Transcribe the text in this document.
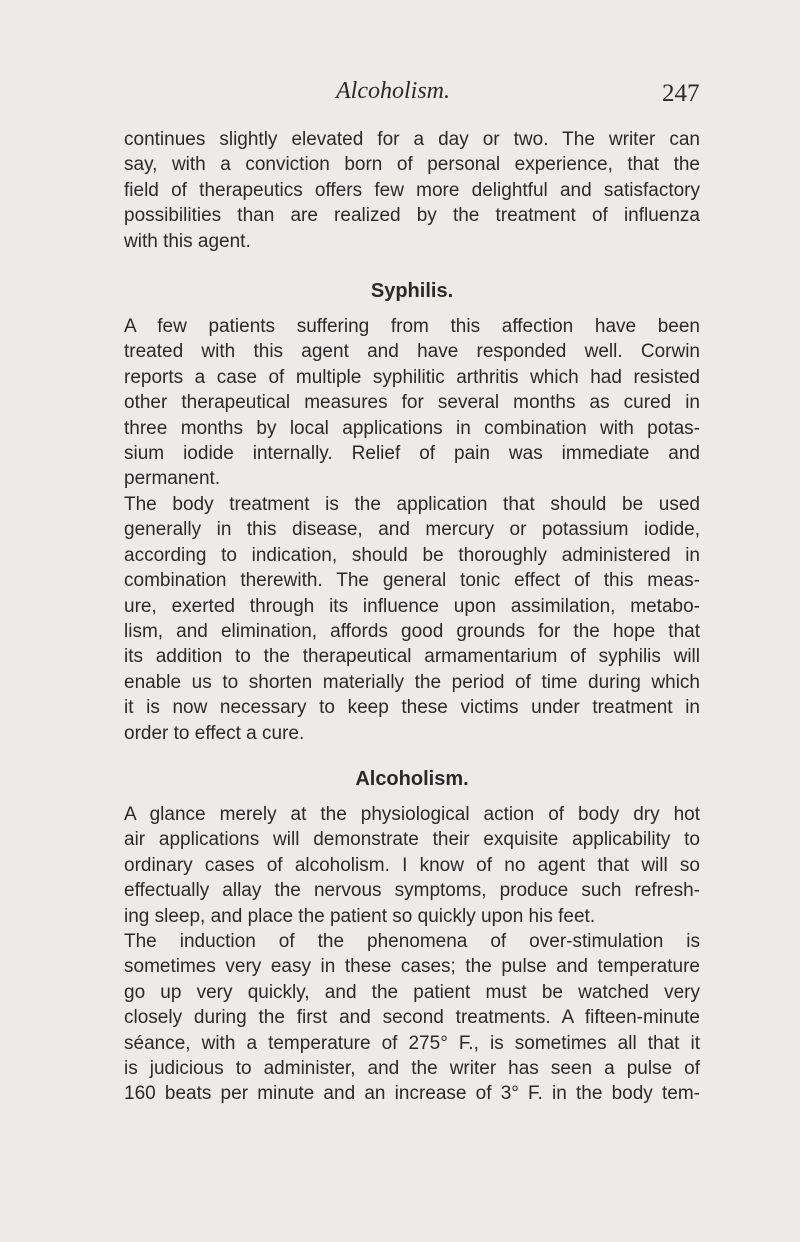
Alcoholism.	247

continues slightly elevated for a day or two. The writer can

say, with a conviction born of personal experience, that the

field of therapeutics offers few more delightful and satisfactory

possibilities than are realized by the treatment of influenza

with this agent.

Syphilis.

A few patients suffering from this affection have been

treated with this agent and have responded well. Corwin

reports a case of multiple syphilitic arthritis which had resisted

other therapeutical measures for several months as cured in

three months by local applications in combination with potas-

sium iodide internally. Relief of pain was immediate and

permanent.

The body treatment is the application that should be used

generally in this disease, and mercury or potassium iodide,

according to indication, should be thoroughly administered in

combination therewith. The general tonic effect of this meas-

ure, exerted through its influence upon assimilation, metabo-

lism, and elimination, affords good grounds for the hope that

its addition to the therapeutical armamentarium of syphilis will

enable us to shorten materially the period of time during which

it is now necessary to keep these victims under treatment in

order to effect a cure.

Alcoholism.

A glance merely at the physiological action of body dry hot

air applications will demonstrate their exquisite applicability to

ordinary cases of alcoholism. I know of no agent that will so

effectually allay the nervous symptoms, produce such refresh-

ing sleep, and place the patient so quickly upon his feet.

The induction of the phenomena of over-stimulation is

sometimes very easy in these cases; the pulse and temperature

go up very quickly, and the patient must be watched very

closely during the first and second treatments. A fifteen-minute

séance, with a temperature of 275° F., is sometimes all that it

is judicious to administer, and the writer has seen a pulse of

160 beats per minute and an increase of 3° F. in the body tem-
